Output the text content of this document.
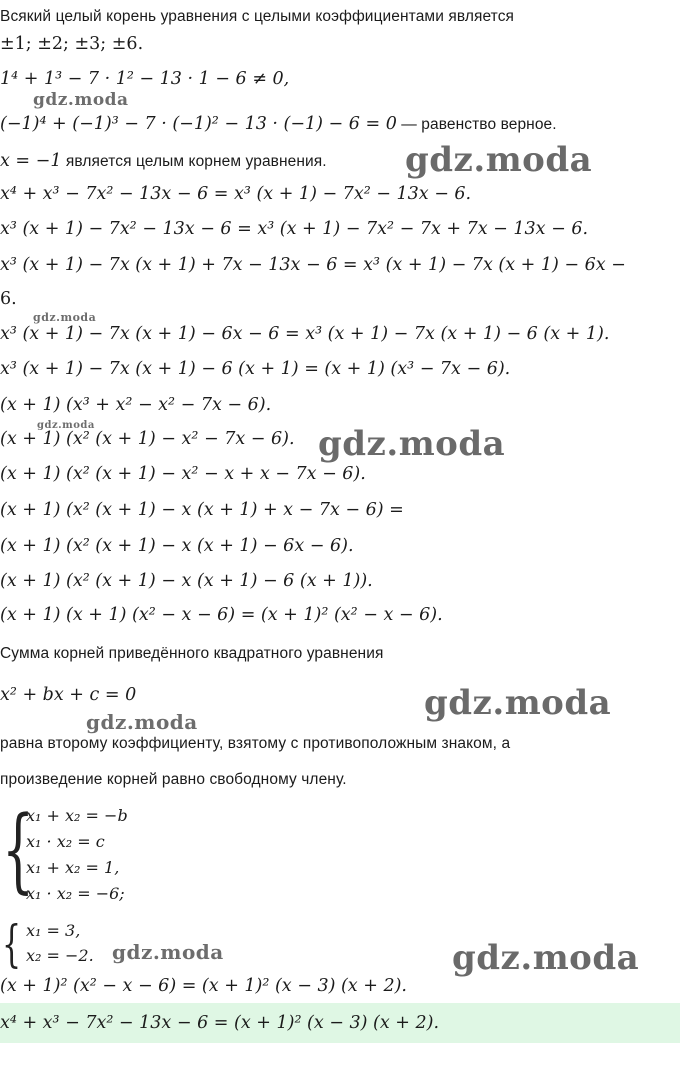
Всякий целый корень уравнения с целыми коэффициентами является
±1; ±2; ±3; ±6.
1⁴ + 1³ − 7 · 1² − 13 · 1 − 6 ≠ 0,
(−1)⁴ + (−1)³ − 7 · (−1)² − 13 · (−1) − 6 = 0 — равенство верное.
x = −1 является целым корнем уравнения.
x⁴ + x³ − 7x² − 13x − 6 = x³ (x + 1) − 7x² − 13x − 6.
x³ (x + 1) − 7x² − 13x − 6 = x³ (x + 1) − 7x² − 7x + 7x − 13x − 6.
x³ (x + 1) − 7x (x + 1) + 7x − 13x − 6 = x³ (x + 1) − 7x (x + 1) − 6x −
6.
x³ (x + 1) − 7x (x + 1) − 6x − 6 = x³ (x + 1) − 7x (x + 1) − 6 (x + 1).
x³ (x + 1) − 7x (x + 1) − 6 (x + 1) = (x + 1) (x³ − 7x − 6).
(x + 1) (x³ + x² − x² − 7x − 6).
(x + 1) (x² (x + 1) − x² − 7x − 6).
(x + 1) (x² (x + 1) − x² − x + x − 7x − 6).
(x + 1) (x² (x + 1) − x (x + 1) + x − 7x − 6) =
(x + 1) (x² (x + 1) − x (x + 1) − 6x − 6).
(x + 1) (x² (x + 1) − x (x + 1) − 6 (x + 1)).
(x + 1) (x + 1) (x² − x − 6) = (x + 1)² (x² − x − 6).
Сумма корней приведённого квадратного уравнения
x² + bx + c = 0
равна второму коэффициенту, взятому с противоположным знаком, а
произведение корней равно свободному члену.
{
x₁ + x₂ = −b
x₁ · x₂ = c
x₁ + x₂ = 1,
x₁ · x₂ = −6;
{ x₁ = 3,
x₂ = −2.
(x + 1)² (x² − x − 6) = (x + 1)² (x − 3) (x + 2).
x⁴ + x³ − 7x² − 13x − 6 = (x + 1)² (x − 3) (x + 2).
gdz.moda
gdz.moda
gdz.moda
gdz.moda	gdz.moda
gdz.moda
gdz.moda
gdz.moda	gdz.moda
